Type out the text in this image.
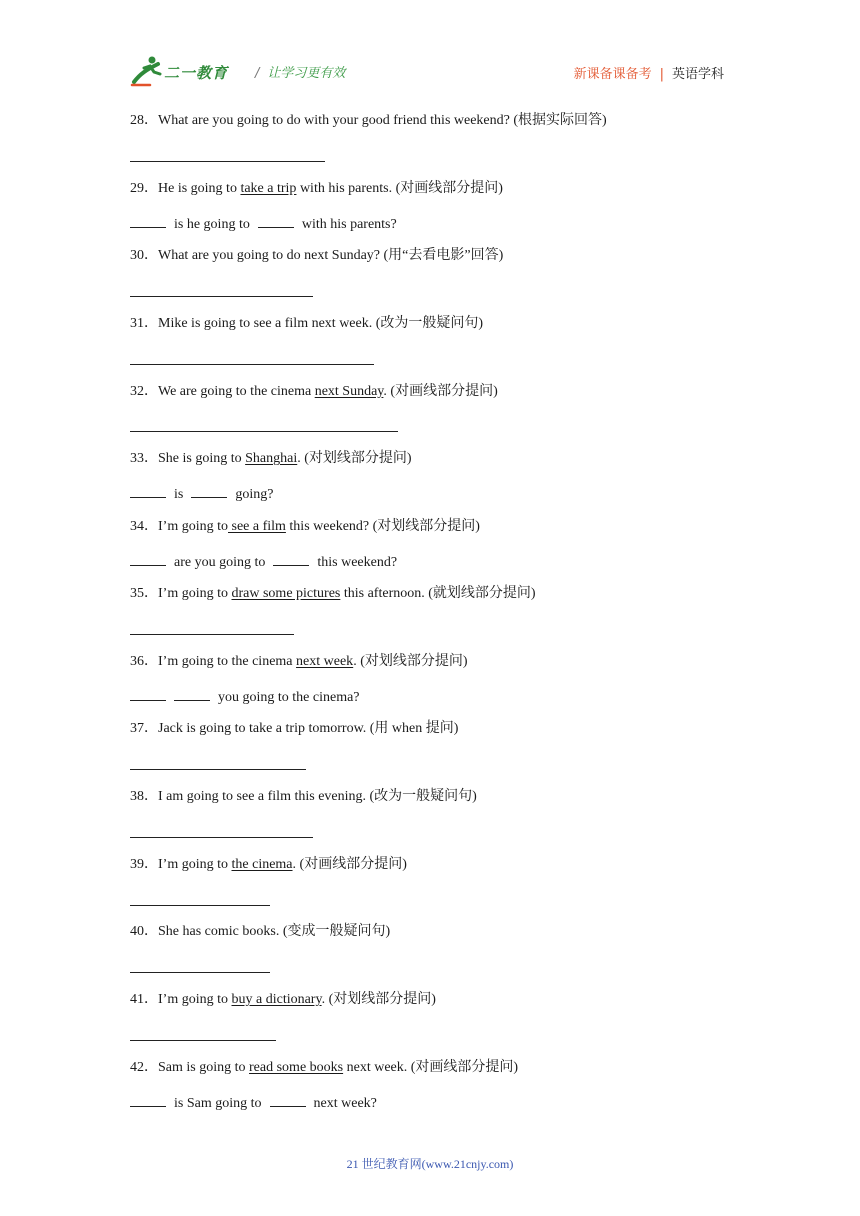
二一教育 / 让学习更有效	新课备课备考 | 英语学科
28．What are you going to do with your good friend this weekend? (根据实际回答)
29．He is going to take a trip with his parents. (对画线部分提问)
is he going to	with his parents?
30．What are you going to do next Sunday? (用“去看电影”回答)
31．Mike is going to see a film next week. (改为一般疑问句)
32．We are going to the cinema next Sunday. (对画线部分提问)
33．She is going to Shanghai. (对划线部分提问)
is	going?
34．I’m going to see a film this weekend? (对划线部分提问)
are you going to	this weekend?
35．I’m going to draw some pictures this afternoon. (就划线部分提问)
36．I’m going to the cinema next week. (对划线部分提问)
you going to the cinema?
37．Jack is going to take a trip tomorrow. (用 when 提问)
38．I am going to see a film this evening. (改为一般疑问句)
39．I’m going to the cinema. (对画线部分提问)
40．She has comic books. (变成一般疑问句)
41．I’m going to buy a dictionary. (对划线部分提问)
42．Sam is going to read some books next week. (对画线部分提问)
is Sam going to	next week?
21 世纪教育网(www.21cnjy.com)
